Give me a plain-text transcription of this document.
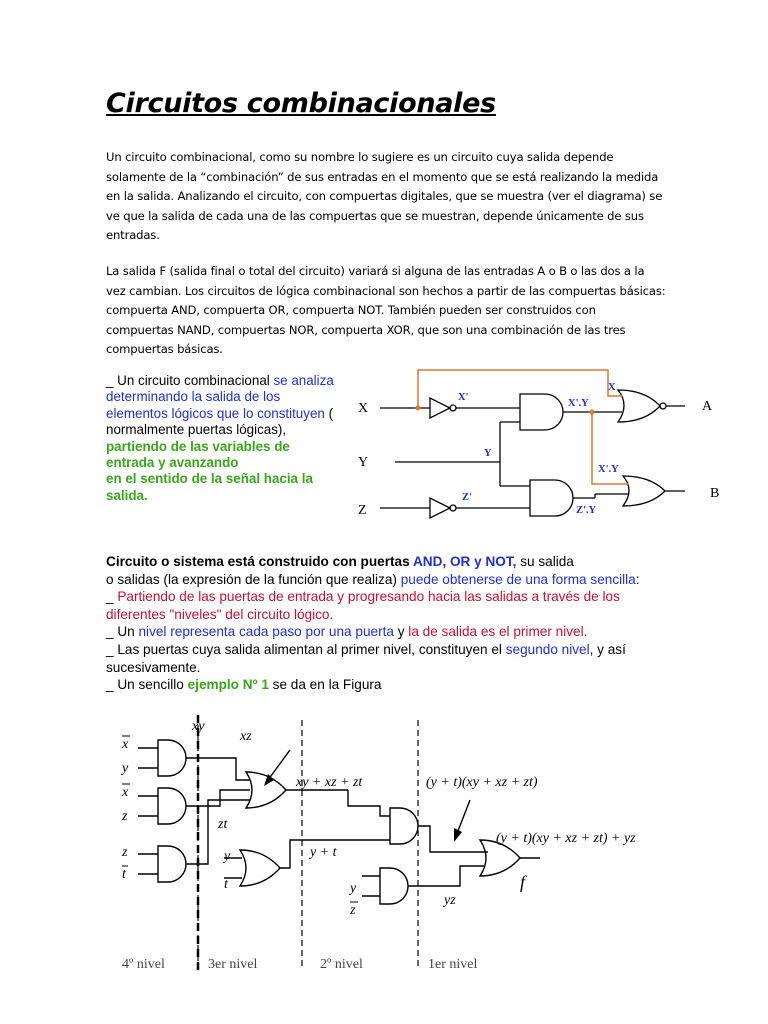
Circuitos combinacionales

Un circuito combinacional, como su nombre lo sugiere es un circuito cuya salida depende solamente de la “combinación” de sus entradas en el momento que se está realizando la medida en la salida. Analizando el circuito, con compuertas digitales, que se muestra (ver el diagrama) se ve que la salida de cada una de las compuertas que se muestran, depende únicamente de sus entradas.

La salida F (salida final o total del circuito) variará si alguna de las entradas A o B o las dos a la vez cambian. Los circuitos de lógica combinacional son hechos a partir de las compuertas básicas: compuerta AND, compuerta OR, compuerta NOT. También pueden ser construidos con compuertas NAND, compuertas NOR, compuerta XOR, que son una combinación de las tres compuertas básicas.

_ Un circuito combinacional se analiza determinando la salida de los elementos lógicos que lo constituyen ( normalmente puertas lógicas), partiendo de las variables de entrada y avanzando
en el sentido de la señal hacia la salida.

X
Y
Z
A
B
X'
X'.Y
X
Y
X'.Y
Z'
Z'.Y

Circuito o sistema está construido con puertas AND, OR y NOT, su salida

o salidas (la expresión de la función que realiza) puede obtenerse de una forma sencilla:

_ Partiendo de las puertas de entrada y progresando hacia las salidas a través de los diferentes "niveles" del circuito lógico.

_ Un nivel representa cada paso por una puerta y la de salida es el primer nivel.

_ Las puertas cuya salida alimentan al primer nivel, constituyen el segundo nivel, y así sucesivamente.

_ Un sencillo ejemplo Nº 1 se da en la Figura

x
y
x
z
z
t
y
t	y
z
xy
xz
zt
xy + xz + zt
y + t
(y + t)(xy + xz + zt)
(y + t)(xy + xz + zt) + yz
yz
f
4º nivel	3er nivel	2º nivel	1er nivel
